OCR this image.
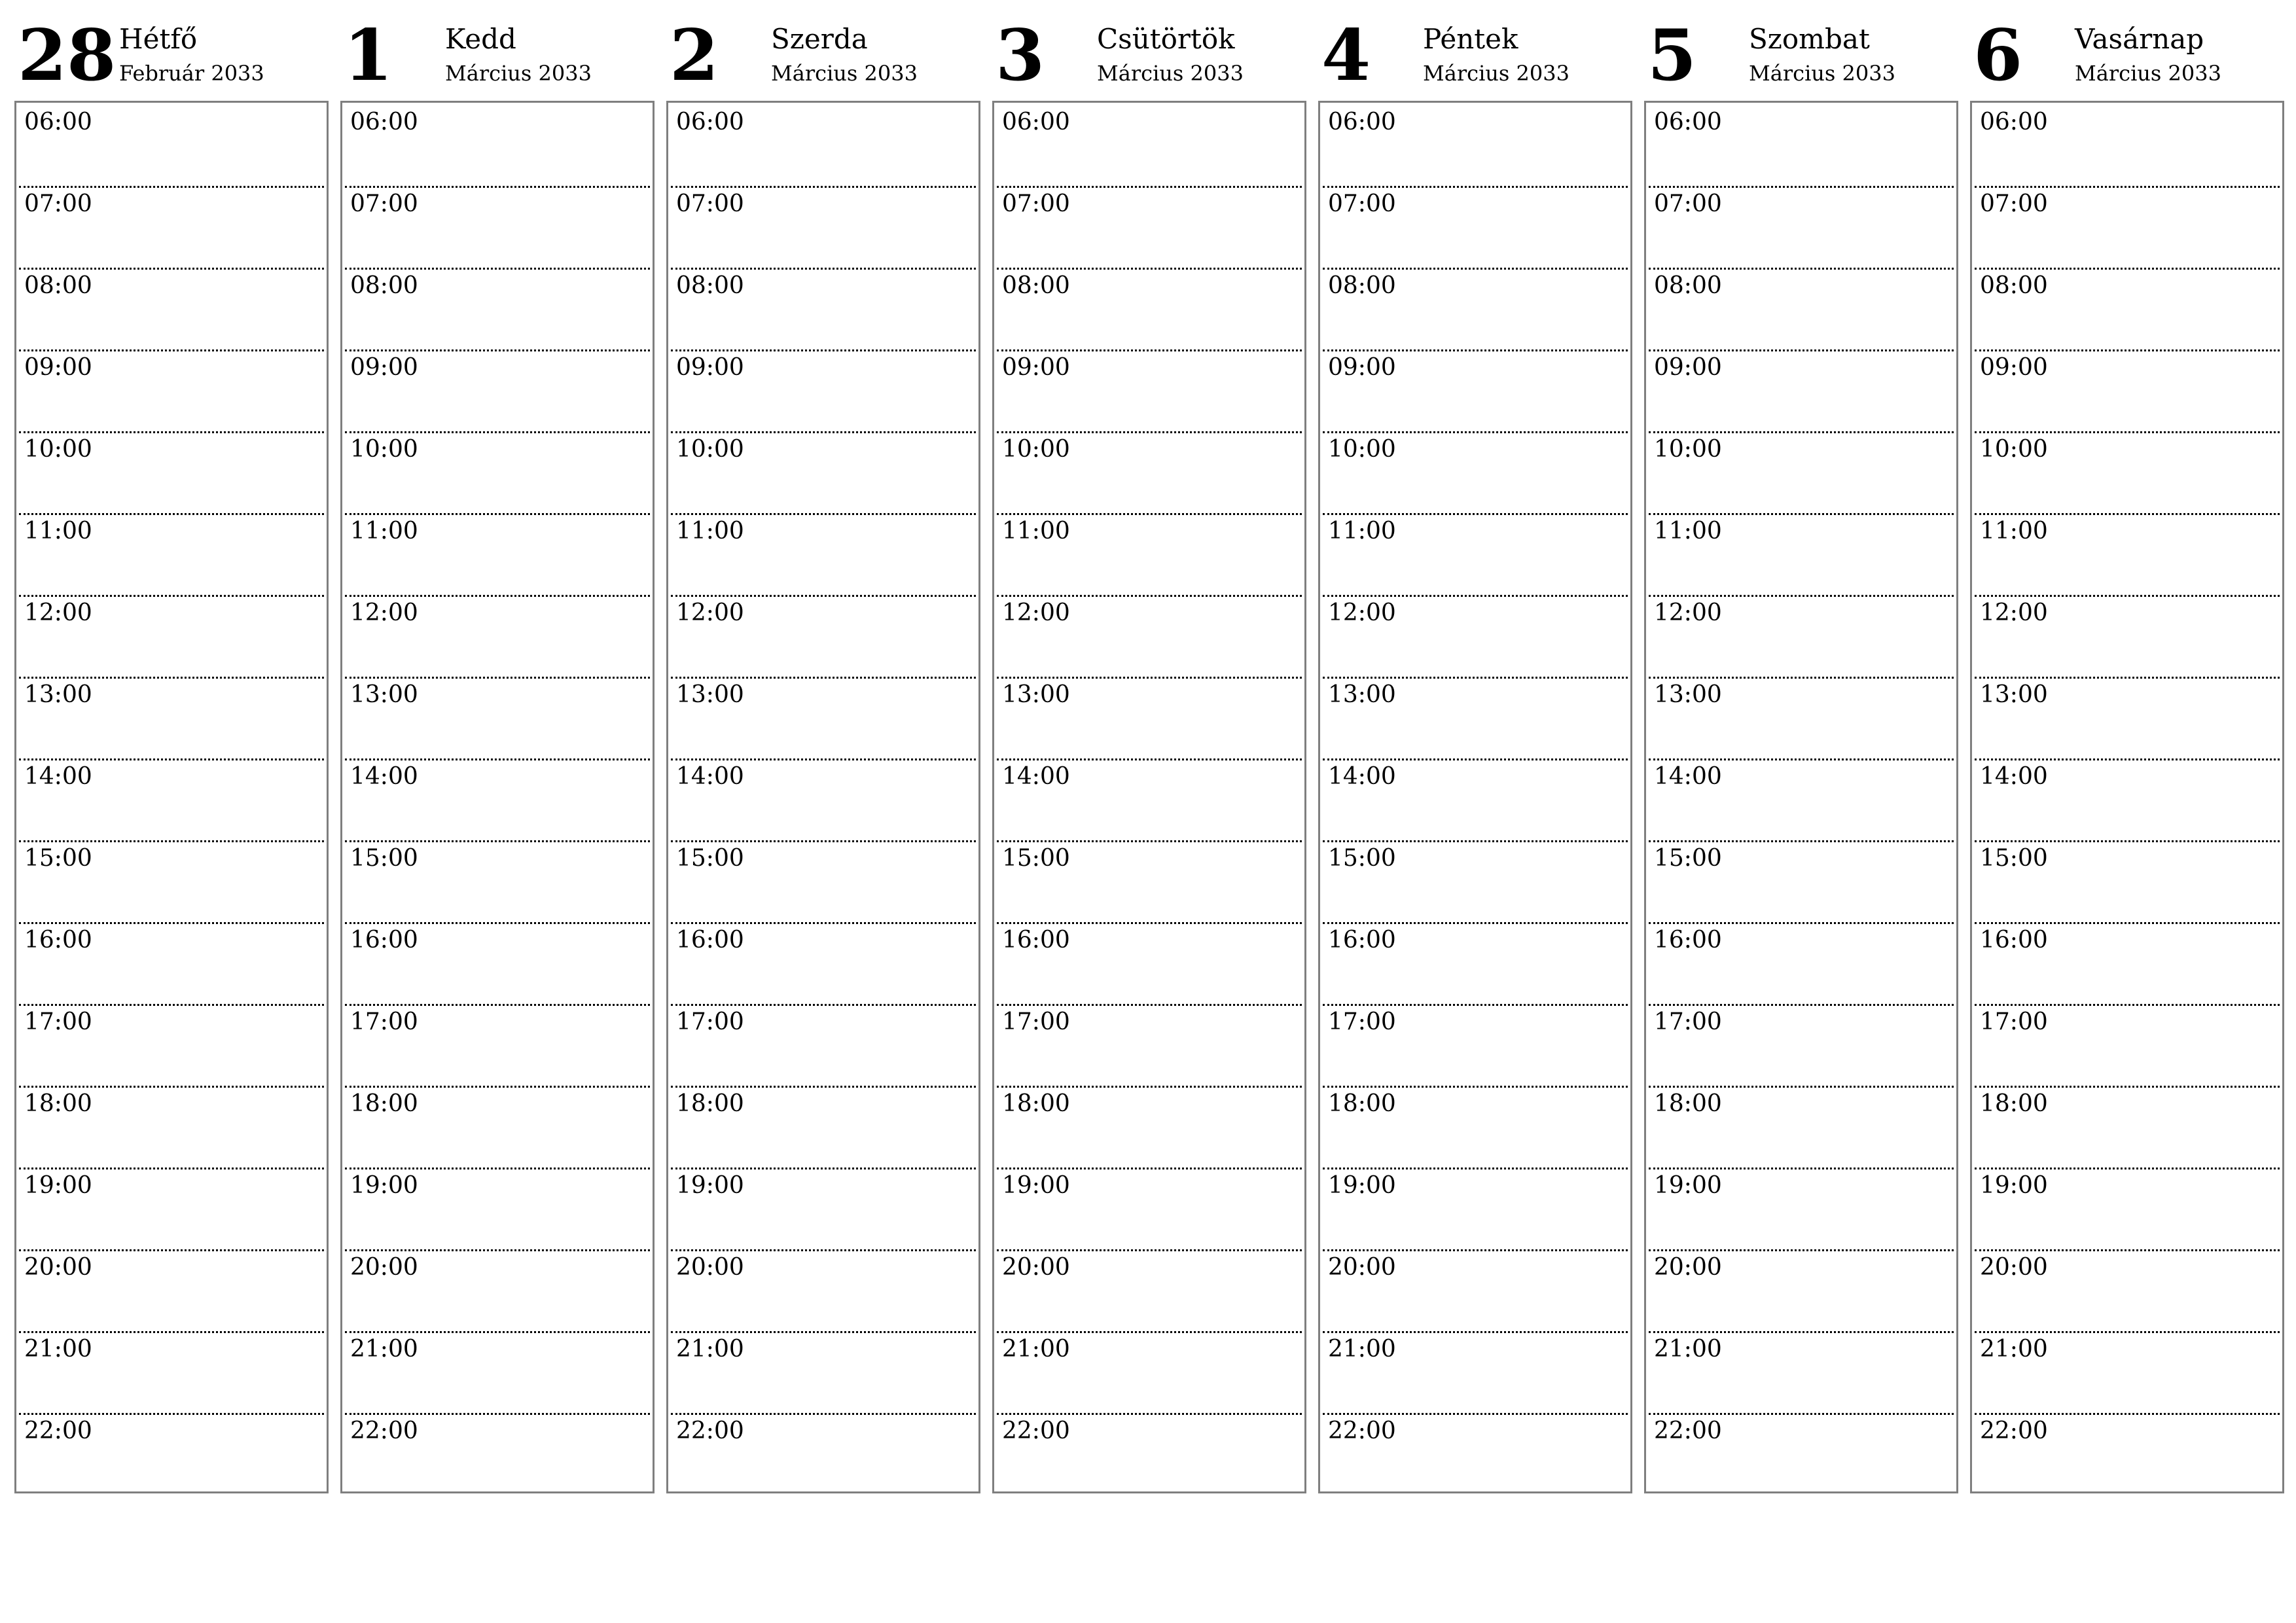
28 Hétfő
Február 2033
06:00
07:00
08:00
09:00
10:00
11:00
12:00
13:00
14:00
15:00
16:00
17:00
18:00
19:00
20:00
21:00
22:00
1 Kedd
Március 2033
06:00
07:00
08:00
09:00
10:00
11:00
12:00
13:00
14:00
15:00
16:00
17:00
18:00
19:00
20:00
21:00
22:00
2 Szerda
Március 2033
06:00
07:00
08:00
09:00
10:00
11:00
12:00
13:00
14:00
15:00
16:00
17:00
18:00
19:00
20:00
21:00
22:00
3 Csütörtök
Március 2033
06:00
07:00
08:00
09:00
10:00
11:00
12:00
13:00
14:00
15:00
16:00
17:00
18:00
19:00
20:00
21:00
22:00
4 Péntek
Március 2033
06:00
07:00
08:00
09:00
10:00
11:00
12:00
13:00
14:00
15:00
16:00
17:00
18:00
19:00
20:00
21:00
22:00
5 Szombat
Március 2033
06:00
07:00
08:00
09:00
10:00
11:00
12:00
13:00
14:00
15:00
16:00
17:00
18:00
19:00
20:00
21:00
22:00
6 Vasárnap
Március 2033
06:00
07:00
08:00
09:00
10:00
11:00
12:00
13:00
14:00
15:00
16:00
17:00
18:00
19:00
20:00
21:00
22:00
